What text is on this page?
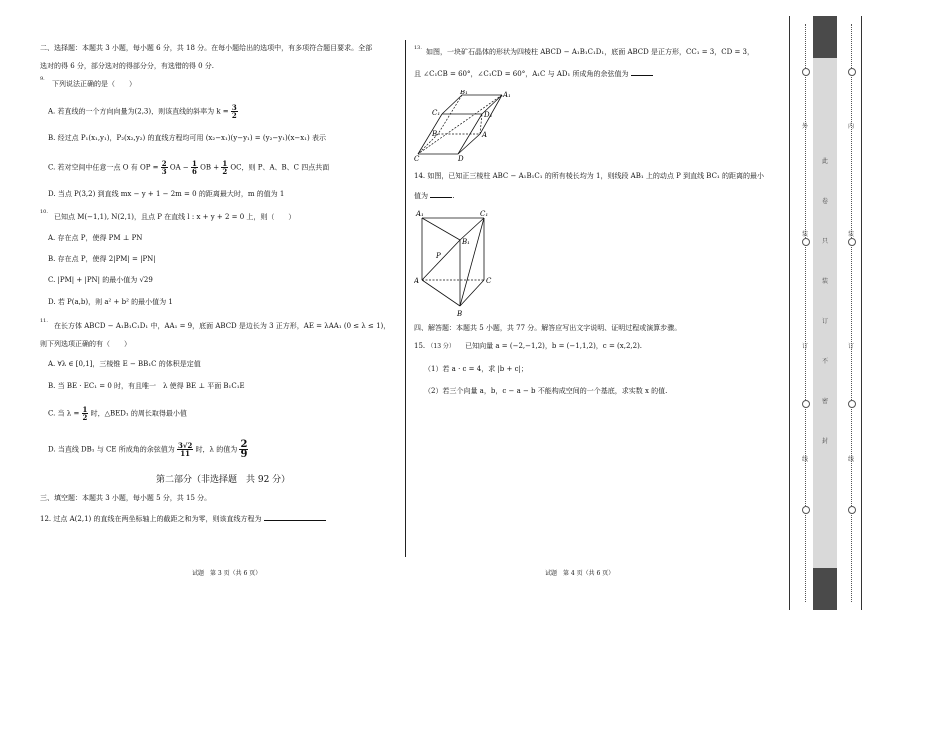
二、选择题：本题共 3 小题，每小题 6 分，共 18 分。在每小题给出的选项中，有多项符合题目要求。全部
选对的得 6 分，部分选对的得部分分，有选错的得 0 分.
9.
下列说法正确的是（　　）
A. 若直线的一个方向向量为(2,3)，则该直线的斜率为 $k = \frac{3}{2}$
B. 经过点 P₁(x₁,y₁)，P₂(x₂,y₂) 的直线方程均可用 (x₂−x₁)(y−y₁) = (y₂−y₁)(x−x₁) 表示
C. 若对空间中任意一点 O 有 OP = $\frac{2}{3}$ OA − $\frac{1}{6}$ OB + $\frac{1}{2}$ OC，则 P、A、B、C 四点共面
D. 当点 P(3,2) 到直线 mx − y + 1 − 2m = 0 的距离最大时，m 的值为 1
10.
已知点 M(−1,1), N(2,1)，且点 P 在直线 l : x + y + 2 = 0 上，则（　　）
A. 存在点 P，使得 PM ⊥ PN
B. 存在点 P，使得 2|PM| = |PN|
C. |PM| + |PN| 的最小值为 √29
D. 若 P(a,b)，则 a² + b² 的最小值为 1
11.
在长方体 ABCD − A₁B₁C₁D₁ 中，AA₁ = 9，底面 ABCD 是边长为 3 正方形，AE = λAA₁ (0 ≤ λ ≤ 1)，
则下列选项正确的有（　　）
A. ∀λ ∈ [0,1]，三棱锥 E − BB₁C 的体积是定值
B. 当 BE · EC₁ = 0 时，有且唯一　λ 使得 BE ⊥ 平面 B₁C₁E
C. 当 $\lambda = \frac{1}{2}$ 时，△BED₁ 的周长取得最小值
D. 当直线 DB₁ 与 CE 所成角的余弦值为 $\frac{3√2}{11}$ 时，λ 的值为 $\frac{2}{9}$
三、填空题：本题共 3 小题，每小题 5 分，共 15 分。
12. 过点 A(2,1) 的直线在两坐标轴上的截距之和为零，则该直线方程为
第二部分（非选择题　共 92 分）
13. 如图，一块矿石晶体的形状为四棱柱 ABCD − A₁B₁C₁D₁，底面 ABCD 是正方形，CC₁ = 3，CD = 3，
且 ∠C₁CB = 60°，∠C₁CD = 60°，A₁C 与 AD₁ 所成角的余弦值为
B₁	A₁
C₁	D₁
B	A
C	D
14. 如图，已知正三棱柱 ABC − A₁B₁C₁ 的所有棱长均为 1，则线段 AB₁ 上的动点 P 到直线 BC₁ 的距离的最小
值为	.
A₁	C₁
B₁
P
A	C
B
四、解答题：本题共 5 小题，共 77 分。解答应写出文字说明、证明过程或演算步骤。
15. （13 分） 已知向量 a = (−2,−1,2)，b = (−1,1,2)，c = (x,2,2).
（1）若 a · c = 4，求 |b + c|；
（2）若三个向量 a，b，c − a − b 不能构成空间的一个基底，求实数 x 的值.
试题　第 3 页（共 6 页）	试题　第 4 页（共 6 页）
外
装
订
线
此
卷
只
装
订
不
密
封
内
装
订
线
